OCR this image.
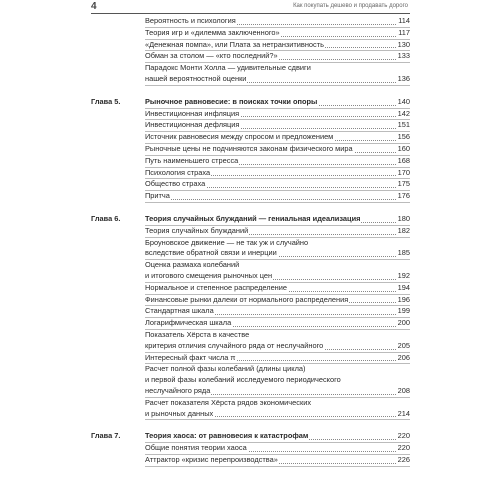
4	Как покупать дешево и продавать дорого
Вероятность и психология	114
Теория игр и «дилемма заключенного»	117
«Денежная помпа», или Плата за нетранзитивность	130
Обман за столом — «кто последний?»	133
Парадокс Монти Холла — удивительные сдвиги
нашей вероятностной оценки	136
Глава 5.	Рыночное равновесие: в поисках точки опоры	140
Инвестиционная инфляция	142
Инвестиционная дефляция	151
Источник равновесия между спросом и предложением	156
Рыночные цены не подчиняются законам физического мира	160
Путь наименьшего стресса	168
Психология страха	170
Общество страха	175
Притча	176
Глава 6.	Теория случайных блужданий — гениальная идеализация	180
Теория случайных блужданий	182
Броуновское движение — не так уж и случайно
вследствие обратной связи и инерции	185
Оценка размаха колебаний
и итогового смещения рыночных цен	192
Нормальное и степенное распределение	194
Финансовые рынки далеки от нормального распределения	196
Стандартная шкала	199
Логарифмическая шкала	200
Показатель Хёрста в качестве
критерия отличия случайного ряда от неслучайного	205
Интересный факт числа π	206
Расчет полной фазы колебаний (длины цикла)
и первой фазы колебаний исследуемого периодического
неслучайного ряда	208
Расчет показателя Хёрста рядов экономических
и рыночных данных	214
Глава 7.	Теория хаоса: от равновесия к катастрофам	220
Общие понятия теории хаоса	220
Аттрактор «кризис перепроизводства»	226
